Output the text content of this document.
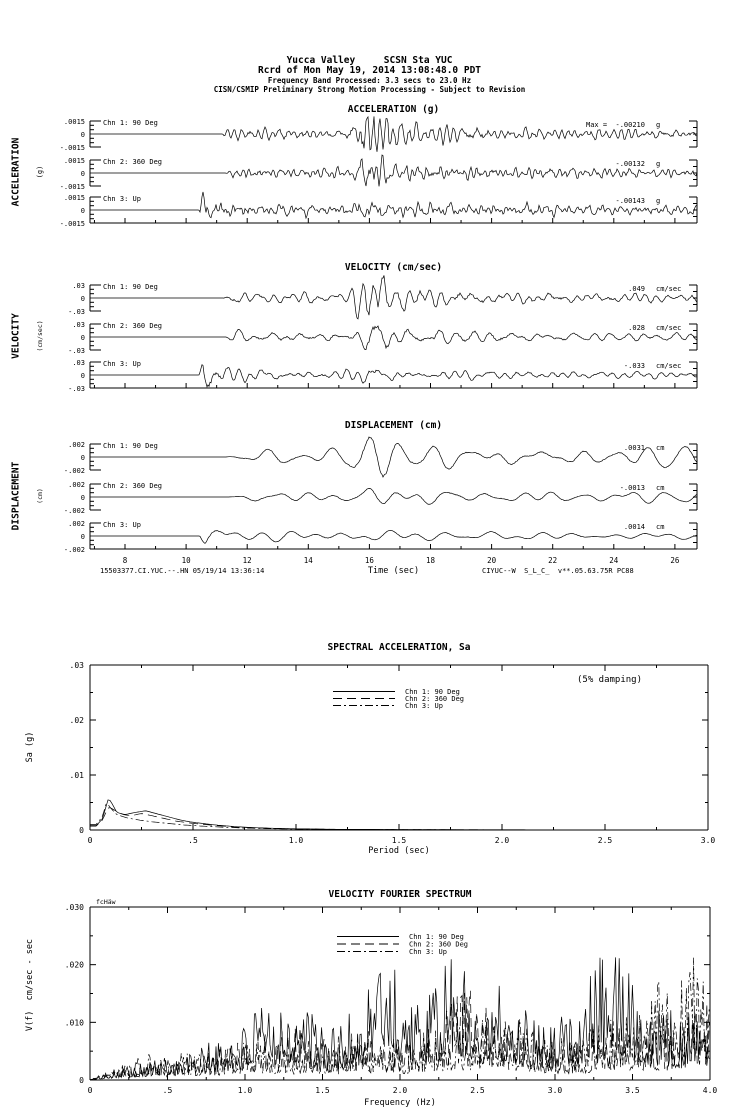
.0015
0
-.0015
Chn 1: 90 Deg	Max =  -.00210 g
.0015
0
-.0015
Chn 2: 360 Deg	-.00132 g
.0015
0
-.0015
Chn 3: Up	-.00143 g
.03
0
-.03
Chn 1: 90 Deg	.049 cm/sec
.03
0
-.03
Chn 2: 360 Deg	.028 cm/sec
.03
0
-.03
Chn 3: Up	-.033 cm/sec
.002
0
-.002
Chn 1: 90 Deg	.0031 cm
.002
0
-.002
Chn 2: 360 Deg	-.0013 cm
.002
0
-.002
Chn 3: Up	.0014 cm
8	10	12	14	16	18	20	22	24	26
0	.5	1.0	1.5	2.0	2.5	3.0
0
.01
.02
.03
Chn 1: 90 Deg
Chn 2: 360 Deg
Chn 3: Up
0	.5	1.0	1.5	2.0	2.5	3.0	3.5	4.0
0
.010
.020
.030
Chn 1: 90 Deg
Chn 2: 360 Deg
Chn 3: Up
Yucca Valley     SCSN Sta YUC
Rcrd of Mon May 19, 2014 13:08:48.0 PDT
Frequency Band Processed: 3.3 secs to 23.0 Hz
CISN/CSMIP Preliminary Strong Motion Processing - Subject to Revision
ACCELERATION (g)
VELOCITY (cm/sec)
DISPLACEMENT (cm)
SPECTRAL ACCELERATION, Sa
VELOCITY FOURIER SPECTRUM
ACCELERATION (g)
VELOCITY (cm/sec)
DISPLACEMENT (cm)
Sa (g)
V(f)  cm/sec - sec
15503377.CI.YUC.--.HN 05/19/14 13:36:14	Time (sec)	CIYUC--W  S_L_C_  v**.05.63.75R PC88
(5% damping)
Period (sec)
fcHäw
Frequency (Hz)
